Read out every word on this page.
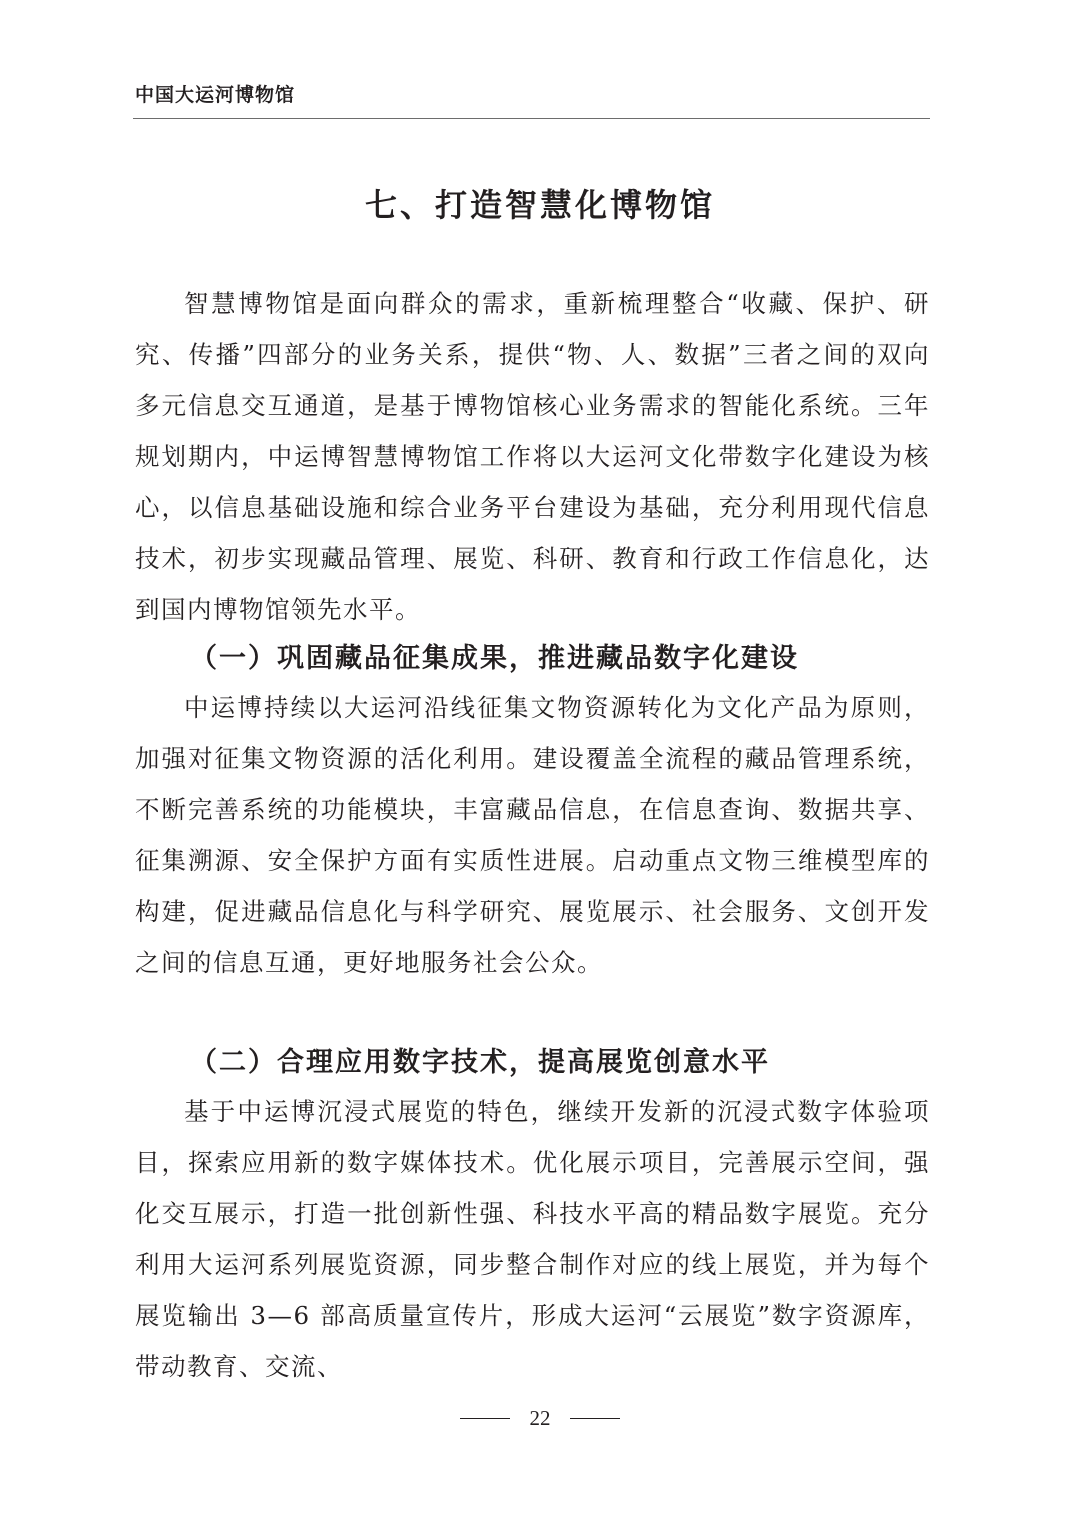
中国大运河博物馆
七、打造智慧化博物馆

智慧博物馆是面向群众的需求，重新梳理整合“收藏、保护、研究、传播”四部分的业务关系，提供“物、人、数据”三者之间的双向多元信息交互通道，是基于博物馆核心业务需求的智能化系统。三年规划期内，中运博智慧博物馆工作将以大运河文化带数字化建设为核心，以信息基础设施和综合业务平台建设为基础，充分利用现代信息技术，初步实现藏品管理、展览、科研、教育和行政工作信息化，达到国内博物馆领先水平。

（一）巩固藏品征集成果，推进藏品数字化建设

中运博持续以大运河沿线征集文物资源转化为文化产品为原则，加强对征集文物资源的活化利用。建设覆盖全流程的藏品管理系统，不断完善系统的功能模块，丰富藏品信息，在信息查询、数据共享、征集溯源、安全保护方面有实质性进展。启动重点文物三维模型库的构建，促进藏品信息化与科学研究、展览展示、社会服务、文创开发之间的信息互通，更好地服务社会公众。

（二）合理应用数字技术，提高展览创意水平

基于中运博沉浸式展览的特色，继续开发新的沉浸式数字体验项目，探索应用新的数字媒体技术。优化展示项目，完善展示空间，强化交互展示，打造一批创新性强、科技水平高的精品数字展览。充分利用大运河系列展览资源，同步整合制作对应的线上展览，并为每个展览输出 3—6 部高质量宣传片，形成大运河“云展览”数字资源库，带动教育、交流、

22
